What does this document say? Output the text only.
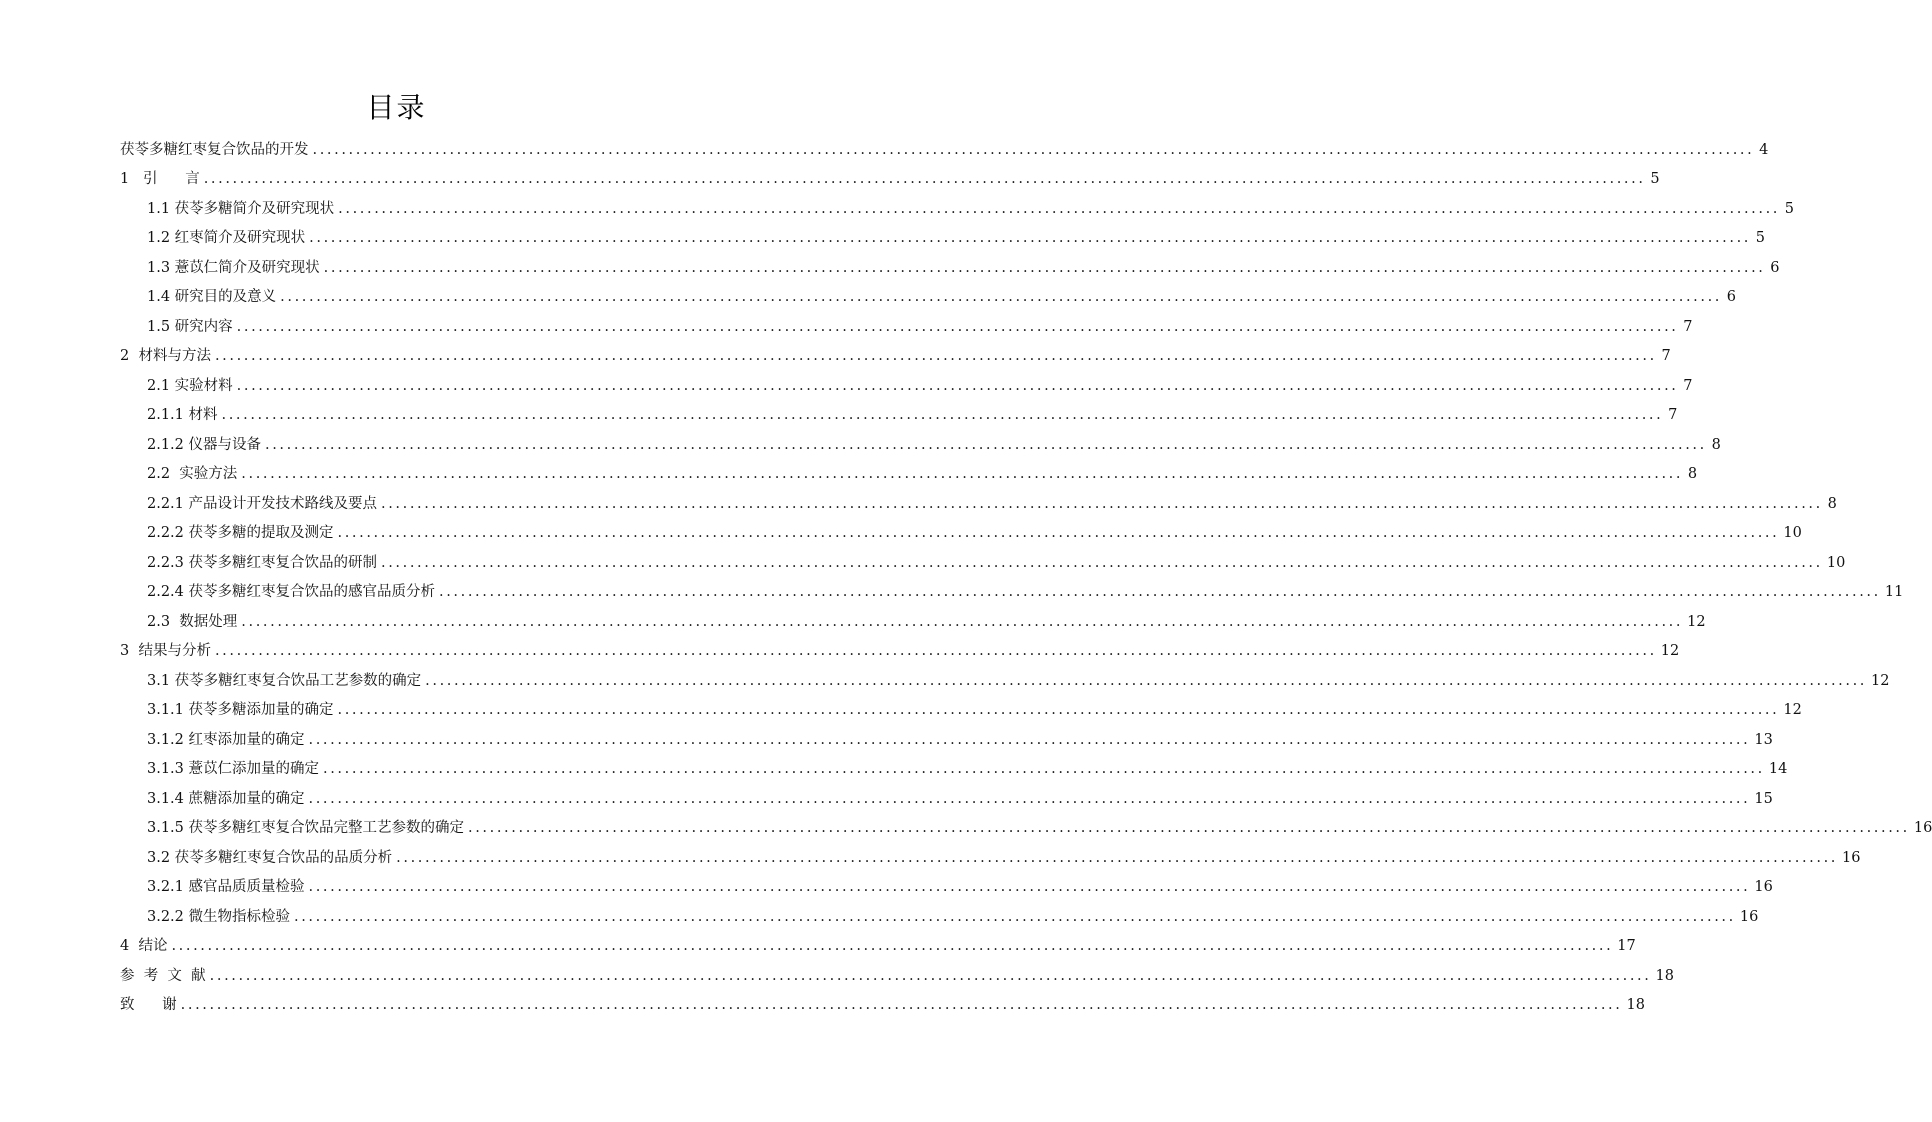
目录
茯苓多糖红枣复合饮品的开发 ........................................................................................................................................................................................................ 4
1   引      言 ........................................................................................................................................................................................................ 5
1.1 茯苓多糖简介及研究现状 ........................................................................................................................................................................................................ 5
1.2 红枣简介及研究现状 ........................................................................................................................................................................................................ 5
1.3 薏苡仁简介及研究现状 ........................................................................................................................................................................................................ 6
1.4 研究目的及意义 ........................................................................................................................................................................................................ 6
1.5 研究内容 ........................................................................................................................................................................................................ 7
2  材料与方法 ........................................................................................................................................................................................................ 7
2.1 实验材料 ........................................................................................................................................................................................................ 7
2.1.1 材料 ........................................................................................................................................................................................................ 7
2.1.2 仪器与设备 ........................................................................................................................................................................................................ 8
2.2  实验方法 ........................................................................................................................................................................................................ 8
2.2.1 产品设计开发技术路线及要点 ........................................................................................................................................................................................................ 8
2.2.2 茯苓多糖的提取及测定 ........................................................................................................................................................................................................ 10
2.2.3 茯苓多糖红枣复合饮品的研制 ........................................................................................................................................................................................................ 10
2.2.4 茯苓多糖红枣复合饮品的感官品质分析 ........................................................................................................................................................................................................ 11
2.3  数据处理 ........................................................................................................................................................................................................ 12
3  结果与分析 ........................................................................................................................................................................................................ 12
3.1 茯苓多糖红枣复合饮品工艺参数的确定 ........................................................................................................................................................................................................ 12
3.1.1 茯苓多糖添加量的确定 ........................................................................................................................................................................................................ 12
3.1.2 红枣添加量的确定 ........................................................................................................................................................................................................ 13
3.1.3 薏苡仁添加量的确定 ........................................................................................................................................................................................................ 14
3.1.4 蔗糖添加量的确定 ........................................................................................................................................................................................................ 15
3.1.5 茯苓多糖红枣复合饮品完整工艺参数的确定 ........................................................................................................................................................................................................ 16
3.2 茯苓多糖红枣复合饮品的品质分析 ........................................................................................................................................................................................................ 16
3.2.1 感官品质质量检验 ........................................................................................................................................................................................................ 16
3.2.2 微生物指标检验 ........................................................................................................................................................................................................ 16
4  结论 ........................................................................................................................................................................................................ 17
参  考  文  献 ........................................................................................................................................................................................................ 18
致      谢 ........................................................................................................................................................................................................ 18
